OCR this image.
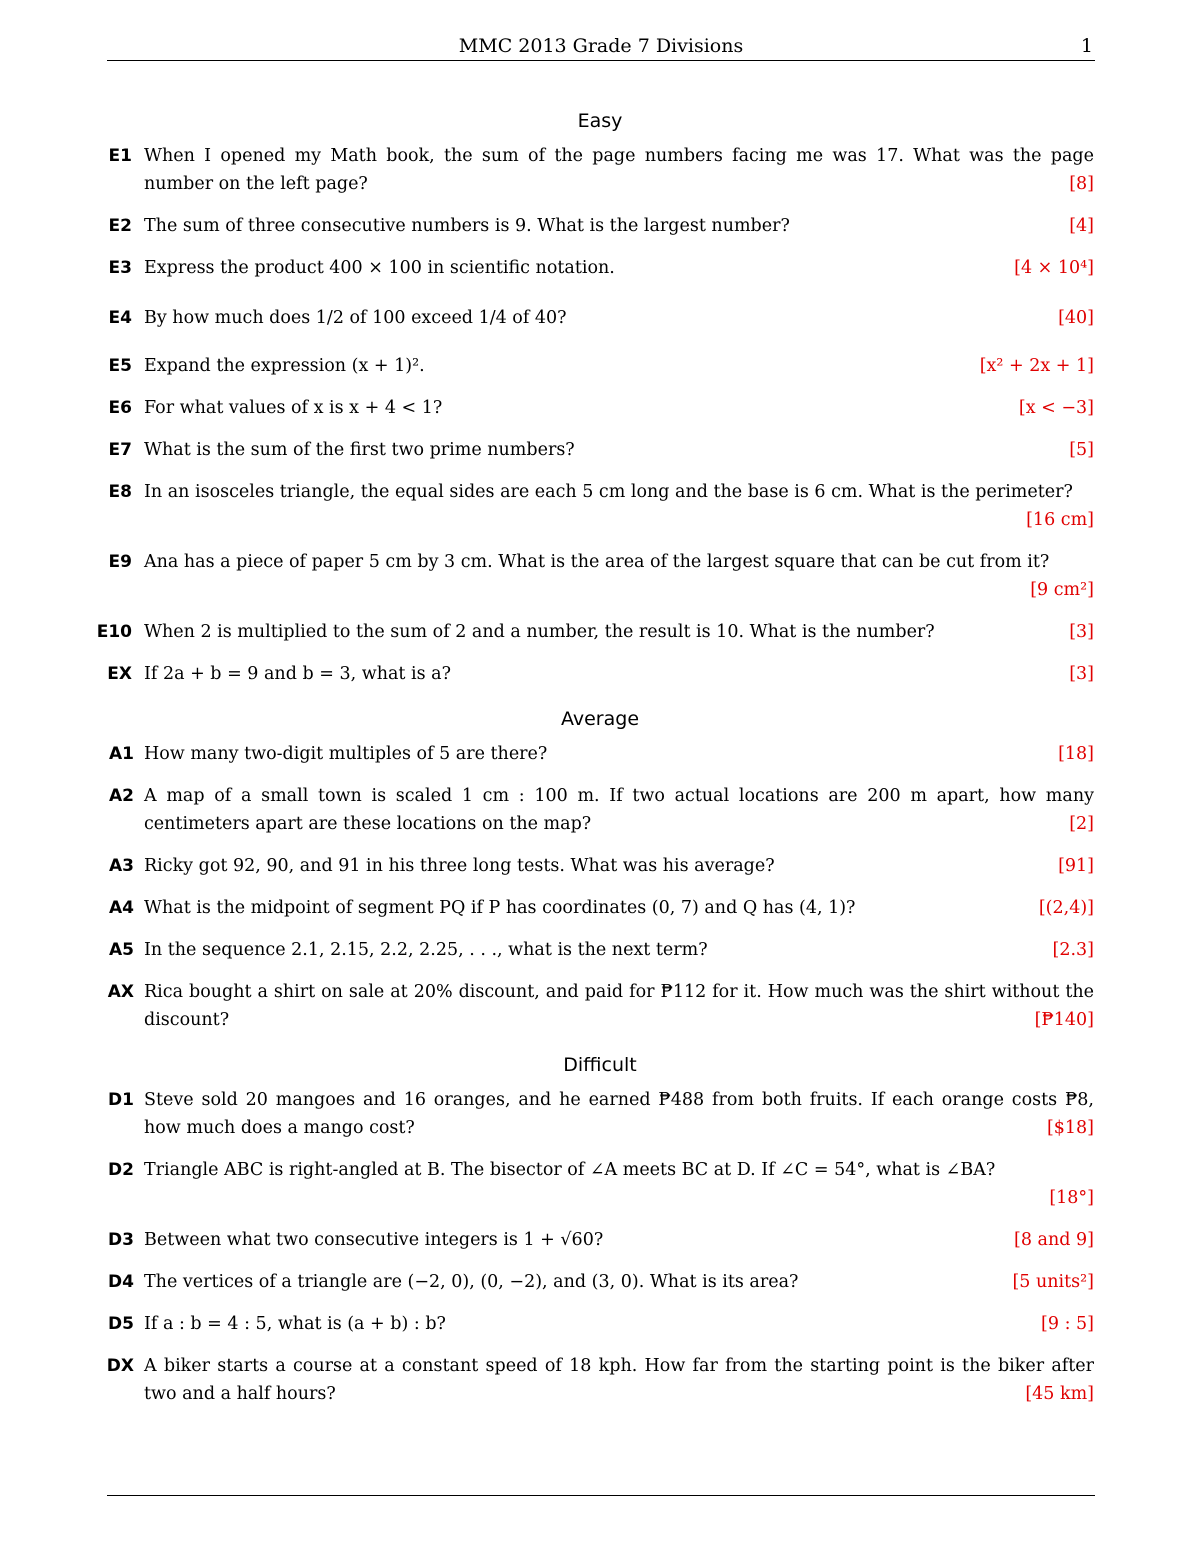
MMC 2013 Grade 7 Divisions	1
Easy
E1 When I opened my Math book, the sum of the page numbers facing me was 17. What was the page number on the left page?	[8]
E2 The sum of three consecutive numbers is 9. What is the largest number?	[4]
E3 Express the product 400 × 100 in scientific notation.	[4 × 10⁴]
E4 By how much does 1/2 of 100 exceed 1/4 of 40?	[40]
E5 Expand the expression (x + 1)².	[x² + 2x + 1]
E6 For what values of x is x + 4 < 1?	[x < −3]
E7 What is the sum of the first two prime numbers?	[5]
E8 In an isosceles triangle, the equal sides are each 5 cm long and the base is 6 cm. What is the perimeter?
[16 cm]
E9 Ana has a piece of paper 5 cm by 3 cm. What is the area of the largest square that can be cut from it?
[9 cm²]
E10 When 2 is multiplied to the sum of 2 and a number, the result is 10. What is the number?	[3]
EX If 2a + b = 9 and b = 3, what is a?	[3]
Average
A1 How many two-digit multiples of 5 are there?	[18]
A2 A map of a small town is scaled 1 cm : 100 m. If two actual locations are 200 m apart, how many centimeters apart are these locations on the map?	[2]
A3 Ricky got 92, 90, and 91 in his three long tests. What was his average?	[91]
A4 What is the midpoint of segment PQ if P has coordinates (0, 7) and Q has (4, 1)?	[(2,4)]
A5 In the sequence 2.1, 2.15, 2.2, 2.25, . . ., what is the next term?	[2.3]
AX Rica bought a shirt on sale at 20% discount, and paid for ₱112 for it. How much was the shirt without the discount?	[₱140]
Difficult
D1 Steve sold 20 mangoes and 16 oranges, and he earned ₱488 from both fruits. If each orange costs ₱8, how much does a mango cost?	[$18]
D2 Triangle ABC is right-angled at B. The bisector of ∠A meets BC at D. If ∠C = 54°, what is ∠BA?
[18°]
D3 Between what two consecutive integers is 1 + √60?	[8 and 9]
D4 The vertices of a triangle are (−2, 0), (0, −2), and (3, 0). What is its area?	[5 units²]
D5 If a : b = 4 : 5, what is (a + b) : b?	[9 : 5]
DX A biker starts a course at a constant speed of 18 kph. How far from the starting point is the biker after two and a half hours?	[45 km]
